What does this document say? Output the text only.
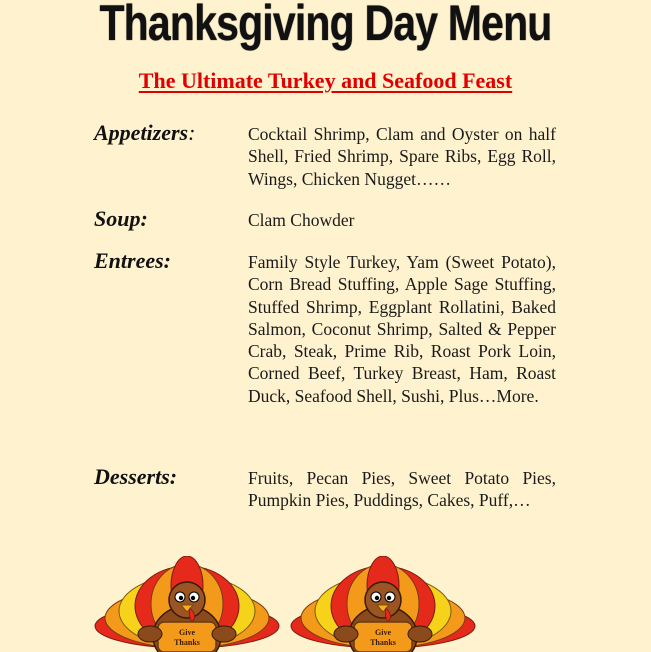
Thanksgiving Day Menu
The Ultimate Turkey and Seafood Feast

Appetizers:	Cocktail Shrimp, Clam and Oyster on half Shell, Fried Shrimp, Spare Ribs, Egg Roll, Wings, Chicken Nugget……

Soup:	Clam Chowder

Entrees:	Family Style Turkey, Yam (Sweet Potato), Corn Bread Stuffing, Apple Sage Stuffing, Stuffed Shrimp, Eggplant Rollatini, Baked Salmon, Coconut Shrimp, Salted & Pepper Crab, Steak, Prime Rib, Roast Pork Loin, Corned Beef, Turkey Breast, Ham, Roast Duck, Seafood Shell, Sushi, Plus…More.

Desserts:	Fruits, Pecan Pies, Sweet Potato Pies, Pumpkin Pies, Puddings, Cakes, Puff,…

Give
Thanks
Give
Thanks
